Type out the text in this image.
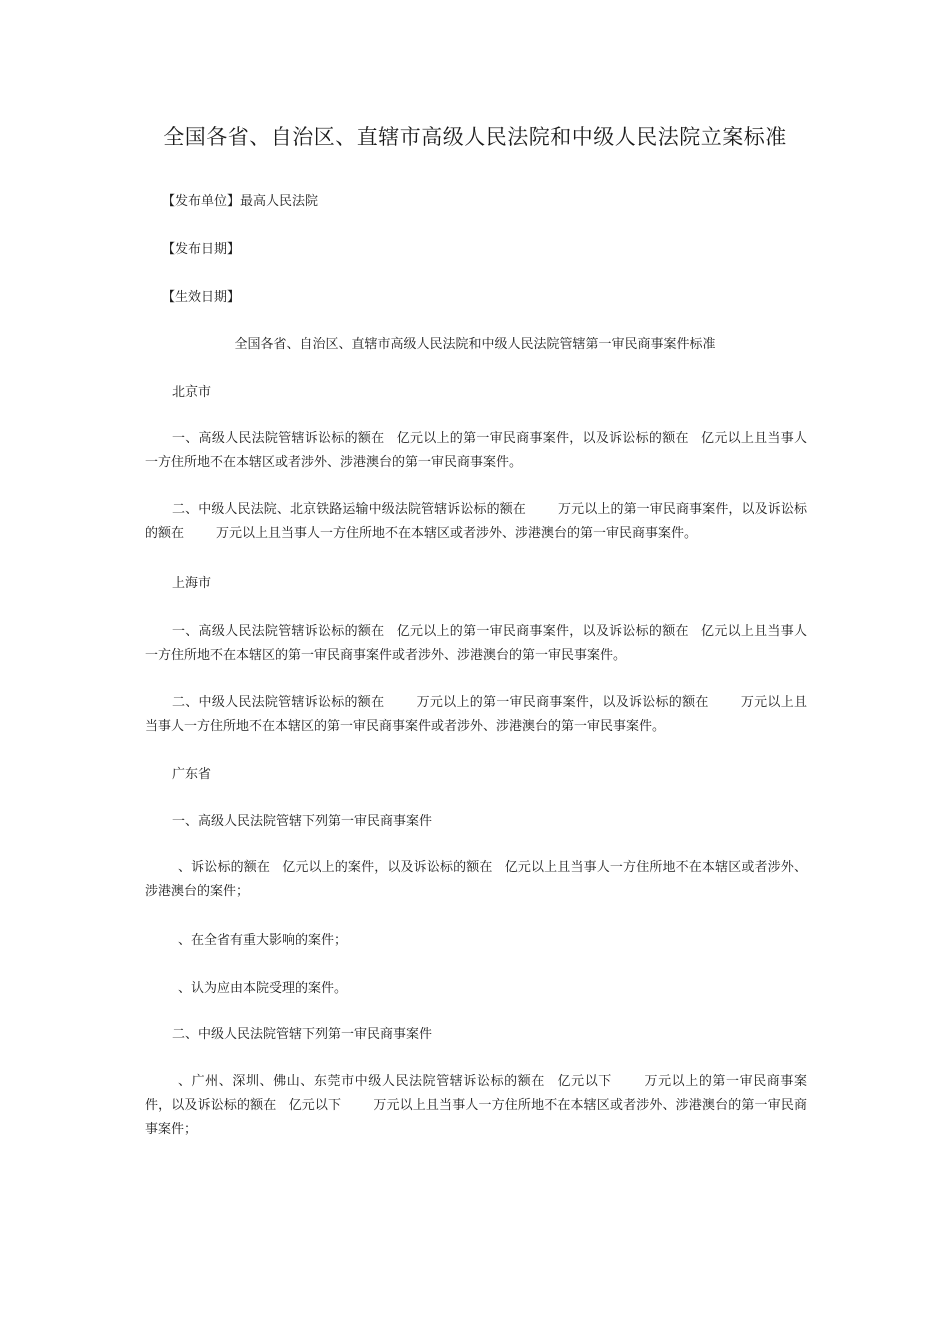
全国各省、自治区、直辖市高级人民法院和中级人民法院立案标准

【发布单位】最高人民法院

【发布日期】

【生效日期】

全国各省、自治区、直辖市高级人民法院和中级人民法院管辖第一审民商事案件标准

北京市

一、高级人民法院管辖诉讼标的额在 亿元以上的第一审民商事案件，以及诉讼标的额在 亿元以上且当事人一方住所地不在本辖区或者涉外、涉港澳台的第一审民商事案件。

二、中级人民法院、北京铁路运输中级法院管辖诉讼标的额在 万元以上的第一审民商事案件，以及诉讼标的额在 万元以上且当事人一方住所地不在本辖区或者涉外、涉港澳台的第一审民商事案件。

上海市

一、高级人民法院管辖诉讼标的额在 亿元以上的第一审民商事案件，以及诉讼标的额在 亿元以上且当事人一方住所地不在本辖区的第一审民商事案件或者涉外、涉港澳台的第一审民事案件。

二、中级人民法院管辖诉讼标的额在 万元以上的第一审民商事案件，以及诉讼标的额在 万元以上且当事人一方住所地不在本辖区的第一审民商事案件或者涉外、涉港澳台的第一审民事案件。

广东省

一、高级人民法院管辖下列第一审民商事案件

、诉讼标的额在 亿元以上的案件，以及诉讼标的额在 亿元以上且当事人一方住所地不在本辖区或者涉外、涉港澳台的案件；

、在全省有重大影响的案件；

、认为应由本院受理的案件。

二、中级人民法院管辖下列第一审民商事案件

、广州、深圳、佛山、东莞市中级人民法院管辖诉讼标的额在 亿元以下 万元以上的第一审民商事案件，以及诉讼标的额在 亿元以下 万元以上且当事人一方住所地不在本辖区或者涉外、涉港澳台的第一审民商事案件；
